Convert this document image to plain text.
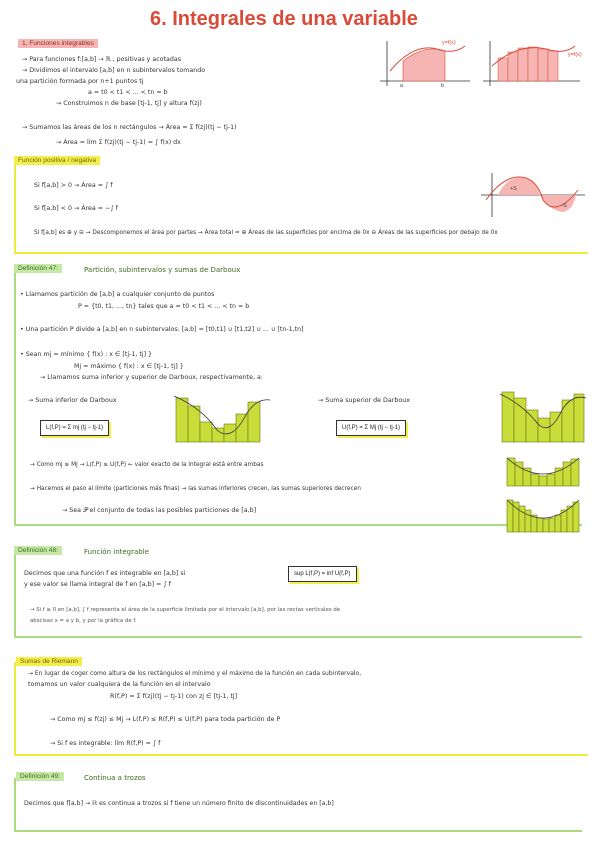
6. Integrales de una variable
1. Funciones integrables
→ Para funciones f:[a,b] → ℝ , positivas y acotadas
→ Dividimos el intervalo [a,b] en n subintervalos tomando
una partición formada por n+1 puntos tj
a = t0 < t1 < ... < tn = b
→ Construimos n de base [tj-1, tj] y altura f(zj)
→ Sumamos las áreas de los n rectángulos → Área ≈ Σ f(zj)(tj − tj-1)
→ Área = lím Σ f(zj)(tj − tj-1) = ∫ f(x) dx
y=f(x)
a	b
y=f(x)
Función positiva / negativa
Si f[a,b] > 0 → Área = ∫ f
Si f[a,b] < 0 → Área = −∫ f
Si f[a,b] es ⊕ y ⊖ → Descomponemos el área por partes → Área total = ⊕ Áreas de las superficies por encima de 0x ⊖ Áreas de las superficies por debajo de 0x
+S
−S
Definición 47:	Partición, subintervalos y sumas de Darboux
• Llamamos partición de [a,b] a cualquier conjunto de puntos
P = {t0, t1, ..., tn} tales que a = t0 < t1 < ... < tn = b
• Una partición P divide a [a,b] en n subintervalos: [a,b] = [t0,t1] ∪ [t1,t2] ∪ ... ∪ [tn-1,tn]
• Sean mj = mínimo { f(x) : x ∈ [tj-1, tj] }
Mj = máximo { f(x) : x ∈ [tj-1, tj] }
→ Llamamos suma inferior y superior de Darboux, respectivamente, a:
→ Suma inferior de Darboux
L(f,P) = Σ mj (tj − tj-1)
→ Suma superior de Darboux
U(f,P) = Σ Mj (tj − tj-1)
→ Como mj ≤ Mj → L(f,P) ≤ U(f,P) ← valor exacto de la integral está entre ambas
→ Hacemos el paso al límite (particiones más finas) → las sumas inferiores crecen, las sumas superiores decrecen
→ Sea 𝒫 el conjunto de todas las posibles particiones de [a,b]
Definición 48:	Función integrable
Decimos que una función f es integrable en [a,b] si
y ese valor se llama integral de f en [a,b] = ∫ f
sup L(f,P) = inf U(f,P)
→ Si f ≥ 0 en [a,b], ∫ f representa el área de la superficie limitada por el intervalo [a,b], por las rectas verticales de
abscisas x = a y b, y por la gráfica de f.
Sumas de Riemann
→ En lugar de coger como altura de los rectángulos el mínimo y el máximo de la función en cada subintervalo,
tomamos un valor cualquiera de la función en el intervalo
R(f,P) = Σ f(zj)(tj − tj-1) con zj ∈ [tj-1, tj]
→ Como mj ≤ f(zj) ≤ Mj → L(f,P) ≤ R(f,P) ≤ U(f,P) para toda partición de P
→ Si f es integrable: lím R(f,P) = ∫ f
Definición 49:	Continua a trozos
Decimos que f[a,b] → ℝ es continua a trozos si f tiene un número finito de discontinuidades en [a,b]
